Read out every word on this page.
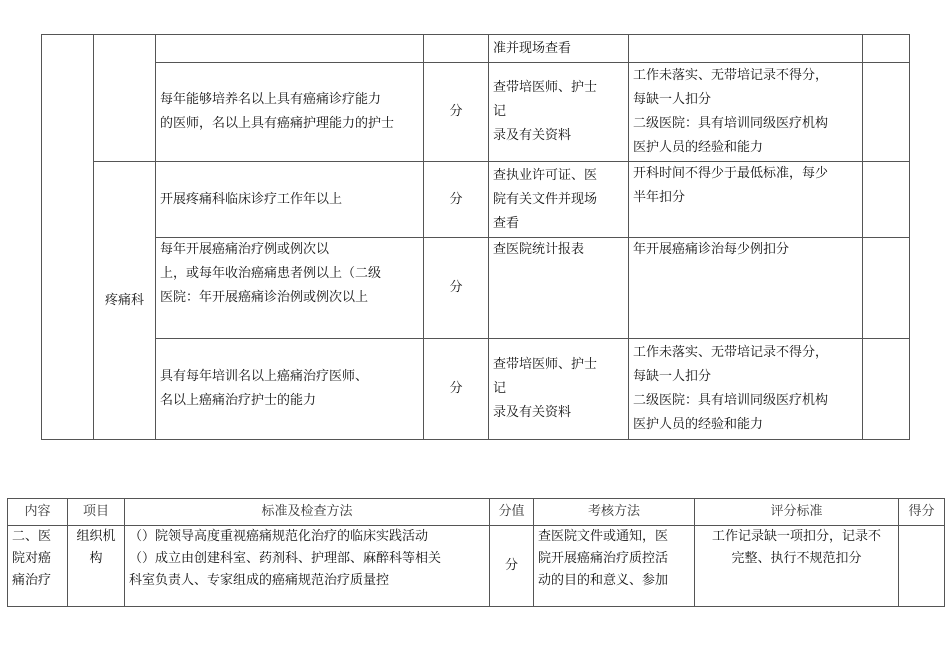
				准并现场查看		
		每年能够培养名以上具有癌痛诊疗能力
的医师，名以上具有癌痛护理能力的护士	分	查带培医师、护士
记
录及有关资料	工作未落实、无带培记录不得分，
每缺一人扣分
二级医院：具有培训同级医疗机构
医护人员的经验和能力	
	疼痛科	开展疼痛科临床诊疗工作年以上	分	查执业许可证、医
院有关文件并现场
查看	开科时间不得少于最低标准，每少
半年扣分	
		每年开展癌痛治疗例或例次以
上，或每年收治癌痛患者例以上（二级
医院：年开展癌痛诊治例或例次以上	分	查医院统计报表	年开展癌痛诊治每少例扣分	
		具有每年培训名以上癌痛治疗医师、
名以上癌痛治疗护士的能力	分	查带培医师、护士
记
录及有关资料	工作未落实、无带培记录不得分，
每缺一人扣分
二级医院：具有培训同级医疗机构
医护人员的经验和能力	
内容	项目	标准及检查方法	分值	考核方法	评分标准	得分
二、医
院对癌
痛治疗	组织机
构	（）院领导高度重视癌痛规范化治疗的临床实践活动
（）成立由创建科室、药剂科、护理部、麻醉科等相关
科室负责人、专家组成的癌痛规范治疗质量控	分	查医院文件或通知，医
院开展癌痛治疗质控活
动的目的和意义、参加	工作记录缺一项扣分，记录不
完整、执行不规范扣分	
